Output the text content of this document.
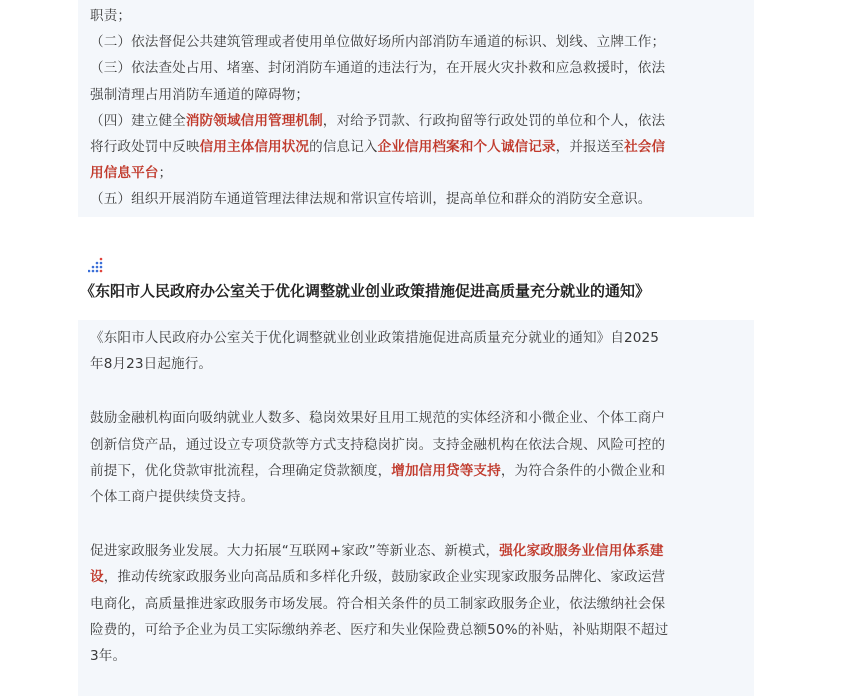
职责；
（二）依法督促公共建筑管理或者使用单位做好场所内部消防车通道的标识、划线、立牌工作；
（三）依法查处占用、堵塞、封闭消防车通道的违法行为，在开展火灾扑救和应急救援时，依法
强制清理占用消防车通道的障碍物；
（四）建立健全消防领域信用管理机制，对给予罚款、行政拘留等行政处罚的单位和个人，依法
将行政处罚中反映信用主体信用状况的信息记入企业信用档案和个人诚信记录，并报送至社会信
用信息平台；
（五）组织开展消防车通道管理法律法规和常识宣传培训，提高单位和群众的消防安全意识。
《东阳市人民政府办公室关于优化调整就业创业政策措施促进高质量充分就业的通知》
《东阳市人民政府办公室关于优化调整就业创业政策措施促进高质量充分就业的通知》自2025
年8月23日起施行。
鼓励金融机构面向吸纳就业人数多、稳岗效果好且用工规范的实体经济和小微企业、个体工商户
创新信贷产品，通过设立专项贷款等方式支持稳岗扩岗。支持金融机构在依法合规、风险可控的
前提下，优化贷款审批流程，合理确定贷款额度，增加信用贷等支持，为符合条件的小微企业和
个体工商户提供续贷支持。
促进家政服务业发展。大力拓展“互联网+家政”等新业态、新模式，强化家政服务业信用体系建
设，推动传统家政服务业向高品质和多样化升级，鼓励家政企业实现家政服务品牌化、家政运营
电商化，高质量推进家政服务市场发展。符合相关条件的员工制家政服务企业，依法缴纳社会保
险费的，可给予企业为员工实际缴纳养老、医疗和失业保险费总额50%的补贴，补贴期限不超过
3年。
